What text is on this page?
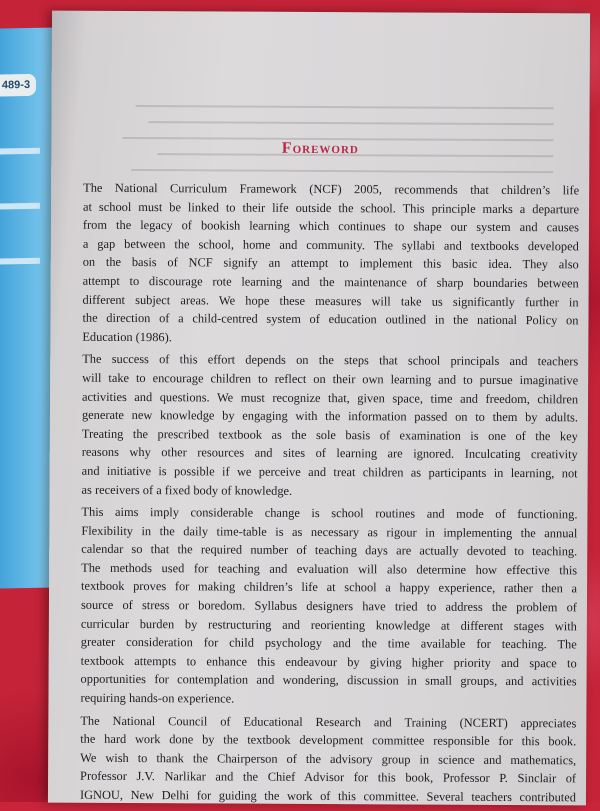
489-3
Foreword

The National Curriculum Framework (NCF) 2005, recommends that children’s life
at school must be linked to their life outside the school. This principle marks a departure
from the legacy of bookish learning which continues to shape our system and causes
a gap between the school, home and community. The syllabi and textbooks developed
on the basis of NCF signify an attempt to implement this basic idea. They also
attempt to discourage rote learning and the maintenance of sharp boundaries between
different subject areas. We hope these measures will take us significantly further in
the direction of a child-centred system of education outlined in the national Policy on
Education (1986).

The success of this effort depends on the steps that school principals and teachers
will take to encourage children to reflect on their own learning and to pursue imaginative
activities and questions. We must recognize that, given space, time and freedom, children
generate new knowledge by engaging with the information passed on to them by adults.
Treating the prescribed textbook as the sole basis of examination is one of the key
reasons why other resources and sites of learning are ignored. Inculcating creativity
and initiative is possible if we perceive and treat children as participants in learning, not
as receivers of a fixed body of knowledge.

This aims imply considerable change is school routines and mode of functioning.
Flexibility in the daily time-table is as necessary as rigour in implementing the annual
calendar so that the required number of teaching days are actually devoted to teaching.
The methods used for teaching and evaluation will also determine how effective this
textbook proves for making children’s life at school a happy experience, rather then a
source of stress or boredom. Syllabus designers have tried to address the problem of
curricular burden by restructuring and reorienting knowledge at different stages with
greater consideration for child psychology and the time available for teaching. The
textbook attempts to enhance this endeavour by giving higher priority and space to
opportunities for contemplation and wondering, discussion in small groups, and activities
requiring hands-on experience.

The National Council of Educational Research and Training (NCERT) appreciates
the hard work done by the textbook development committee responsible for this book.
We wish to thank the Chairperson of the advisory group in science and mathematics,
Professor J.V. Narlikar and the Chief Advisor for this book, Professor P. Sinclair of
IGNOU, New Delhi for guiding the work of this committee. Several teachers contributed
